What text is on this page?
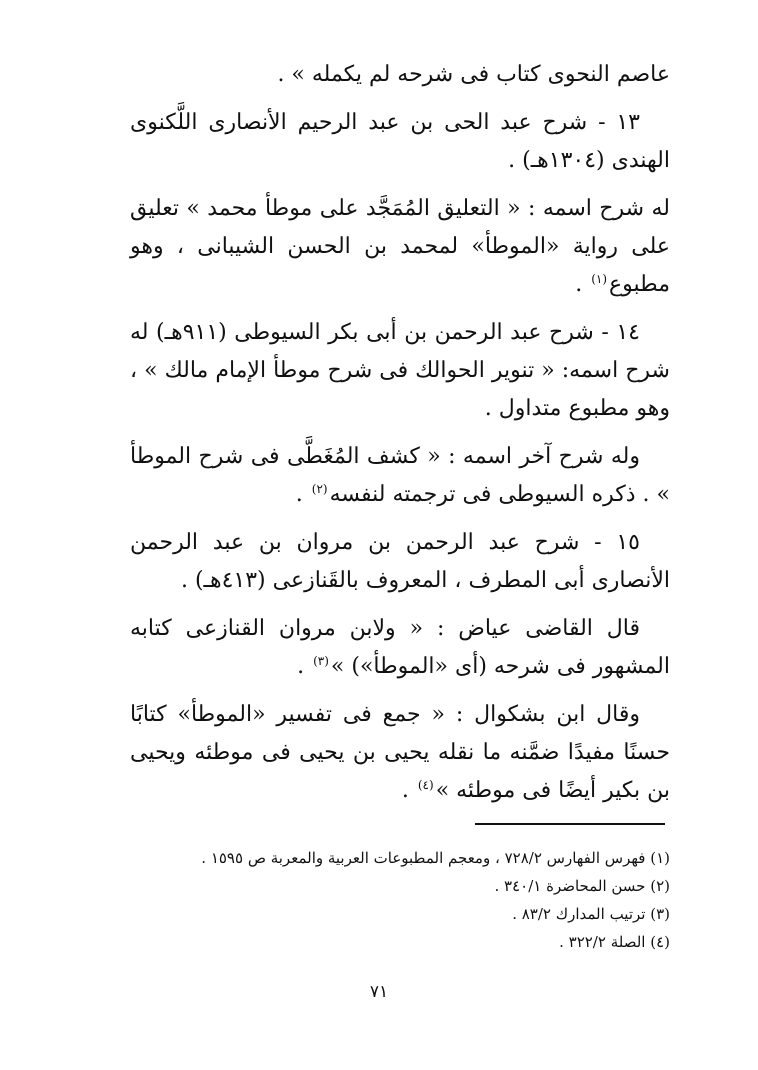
عاصم النحوى كتاب فى شرحه لم يكمله » .

١٣ - شرح عبد الحى بن عبد الرحيم الأنصارى اللَّكنوى الهندى (١٣٠٤هـ) .

له شرح اسمه : « التعليق المُمَجَّد على موطأ محمد » تعليق على رواية «الموطأ» لمحمد بن الحسن الشيبانى ، وهو مطبوع$^{(١)}$ .

١٤ - شرح عبد الرحمن بن أبى بكر السيوطى (٩١١هـ) له شرح اسمه: « تنوير الحوالك فى شرح موطأ الإمام مالك » ، وهو مطبوع متداول .

وله شرح آخر اسمه : « كشف المُغَطَّى فى شرح الموطأ » . ذكره السيوطى فى ترجمته لنفسه$^{(٢)}$ .

١٥ - شرح عبد الرحمن بن مروان بن عبد الرحمن الأنصارى أبى المطرف ، المعروف بالقَنازعى (٤١٣هـ) .

قال القاضى عياض : « ولابن مروان القنازعى كتابه المشهور فى شرحه (أى «الموطأ») »$^{(٣)}$ .

وقال ابن بشكوال : « جمع فى تفسير «الموطأ» كتابًا حسنًا مفيدًا ضمَّنه ما نقله يحيى بن يحيى فى موطئه ويحيى بن بكير أيضًا فى موطئه »$^{(٤)}$ .

(١) فهرس الفهارس ٧٢٨/٢ ، ومعجم المطبوعات العربية والمعربة ص ١٥٩٥ .

(٢) حسن المحاضرة ٣٤٠/١ .

(٣) ترتيب المدارك ٨٣/٢ .

(٤) الصلة ٣٢٢/٢ .

٧١
